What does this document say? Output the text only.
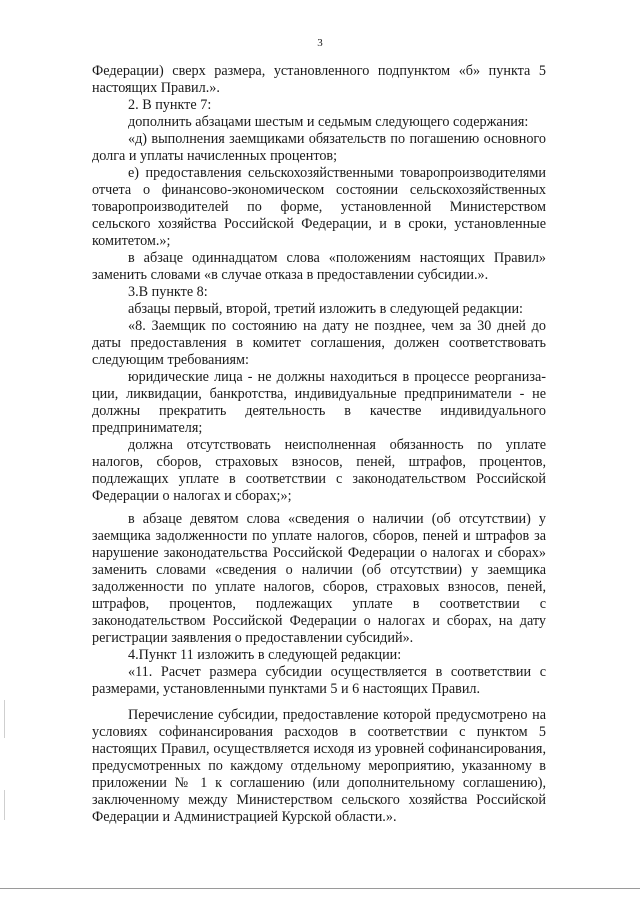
3

Федерации) сверх размера, установленного подпунктом «б» пункта 5 настоящих Правил.».

2. В пункте 7:

дополнить абзацами шестым и седьмым следующего содержания:

«д) выполнения заемщиками обязательств по погашению основного долга и уплаты начисленных процентов;

е) предоставления сельскохозяйственными товаропроизводителями отчета о финансово-экономическом состоянии сельскохозяйственных товаропроизводителей по форме, установленной Министерством сельского хозяйства Российской Федерации, и в сроки, установленные комитетом.»;

в абзаце одиннадцатом слова «положениям настоящих Правил» заменить словами «в случае отказа в предоставлении субсидии.».

3.В пункте 8:

абзацы первый, второй, третий изложить в следующей редакции:

«8. Заемщик по состоянию на дату не позднее, чем за 30 дней до даты предоставления в комитет соглашения, должен соответствовать следующим требованиям:

юридические лица - не должны находиться в процессе реорганизации, ликвидации, банкротства, индивидуальные предприниматели - не должны прекратить деятельность в качестве индивидуального предпринимателя;

должна отсутствовать неисполненная обязанность по уплате налогов, сборов, страховых взносов, пеней, штрафов, процентов, подлежащих уплате в соответствии с законодательством Российской Федерации о налогах и сборах;»;

в абзаце девятом слова «сведения о наличии (об отсутствии) у заемщика задолженности по уплате налогов, сборов, пеней и штрафов за нарушение законодательства Российской Федерации о налогах и сборах» заменить словами «сведения о наличии (об отсутствии) у заемщика задолженности по уплате налогов, сборов, страховых взносов, пеней, штрафов, процентов, подлежащих уплате в соответствии с законодательством Российской Федерации о налогах и сборах, на дату регистрации заявления о предоставлении субсидий».

4.Пункт 11 изложить в следующей редакции:

«11. Расчет размера субсидии осуществляется в соответствии с размерами, установленными пунктами 5 и 6 настоящих Правил.

Перечисление субсидии, предоставление которой предусмотрено на условиях софинансирования расходов в соответствии с пунктом 5 настоящих Правил, осуществляется исходя из уровней софинансирования, предусмотренных по каждому отдельному мероприятию, указанному в приложении № 1 к соглашению (или дополнительному соглашению), заключенному между Министерством сельского хозяйства Российской Федерации и Администрацией Курской области.».
